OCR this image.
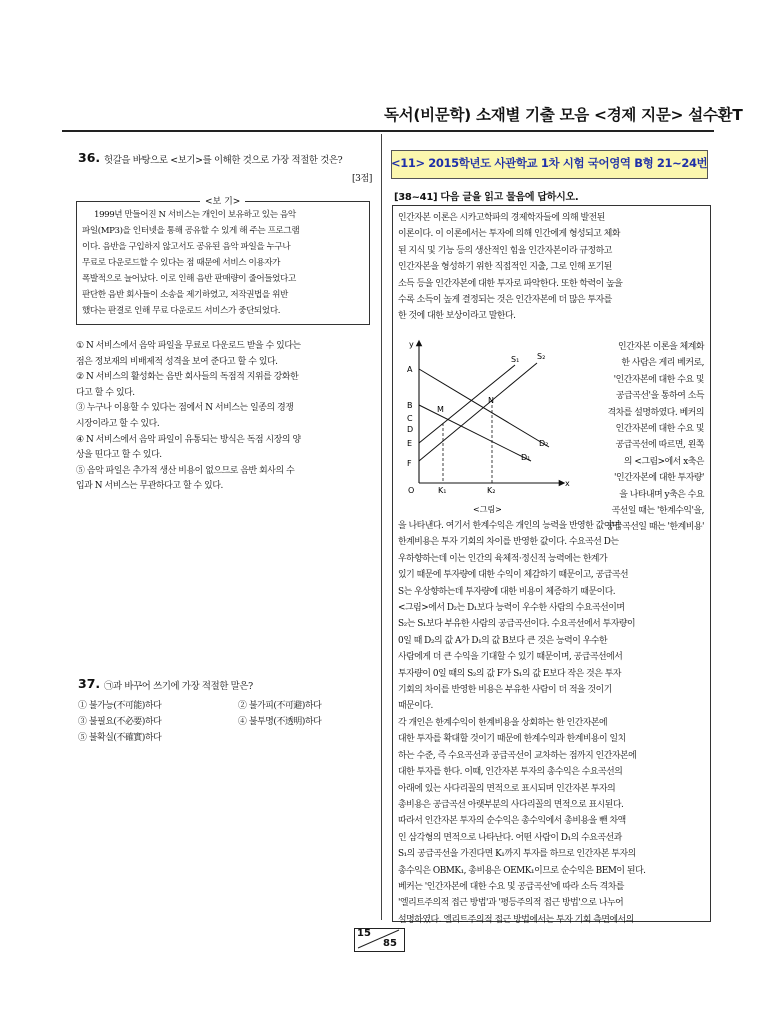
독서(비문학) 소재별 기출 모음 <경제 지문> 설수환T
36. 헛갈을 바탕으로 <보기>를 이해한 것으로 가장 적절한 것은?
[3점]
<보 기>
1999년 만들어진 N 서비스는 개인이 보유하고 있는 음악
파일(MP3)을 인터넷을 통해 공유할 수 있게 해 주는 프로그램
이다. 음반을 구입하지 않고서도 공유된 음악 파일을 누구나
무료로 다운로드할 수 있다는 점 때문에 서비스 이용자가
폭발적으로 늘어났다. 이로 인해 음반 판매량이 줄어들었다고
판단한 음반 회사들이 소송을 제기하였고, 저작권법을 위반
했다는 판결로 인해 무료 다운로드 서비스가 중단되었다.
① N 서비스에서 음악 파일을 무료로 다운로드 받을 수 있다는
점은 정보재의 비배제적 성격을 보여 준다고 할 수 있다.
② N 서비스의 활성화는 음반 회사들의 독점적 지위를 강화한
다고 할 수 있다.
③ 누구나 이용할 수 있다는 점에서 N 서비스는 일종의 경쟁
시장이라고 할 수 있다.
④ N 서비스에서 음악 파일이 유통되는 방식은 독점 시장의 양
상을 띤다고 할 수 있다.
⑤ 음악 파일은 추가적 생산 비용이 없으므로 음반 회사의 수
입과 N 서비스는 무관하다고 할 수 있다.
37. ㉠과 바꾸어 쓰기에 가장 적절한 말은?
① 불가능(不可能)하다	② 불가피(不可避)하다
③ 불필요(不必要)하다	④ 불투명(不透明)하다
⑤ 불확실(不確實)하다
<11> 2015학년도 사관학교 1차 시험 국어영역 B형 21~24번
[38~41] 다음 글을 읽고 물음에 답하시오.
인간자본 이론은 시카고학파의 경제학자들에 의해 발전된
이론이다. 이 이론에서는 투자에 의해 인간에게 형성되고 체화
된 지식 및 기능 등의 생산적인 힘을 인간자본이라 규정하고
인간자본을 형성하기 위한 직접적인 지출, 그로 인해 포기된
소득 등을 인간자본에 대한 투자로 파악한다. 또한 학력이 높을
수록 소득이 높게 결정되는 것은 인간자본에 더 많은 투자를
한 것에 대한 보상이라고 말한다.
y
A
B
C
D
E
F
M
N
S₁ S₂
D₂
D₁
O	K₁	K₂
x
<그림>
인간자본 이론을 체계화
한 사람은 게리 베커로,
'인간자본에 대한 수요 및
공급곡선'을 통하여 소득
격차를 설명하였다. 베커의
인간자본에 대한 수요 및
공급곡선에 따르면, 왼쪽
의 <그림>에서 x축은
'인간자본에 대한 투자량'
을 나타내며 y축은 수요
곡선일 때는 '한계수익'을,
공급곡선일 때는 '한계비용'
을 나타낸다. 여기서 한계수익은 개인의 능력을 반영한 값이며
한계비용은 투자 기회의 차이를 반영한 값이다. 수요곡선 D는
우하향하는데 이는 인간의 육체적·정신적 능력에는 한계가
있기 때문에 투자량에 대한 수익이 체감하기 때문이고, 공급곡선
S는 우상향하는데 투자량에 대한 비용이 체증하기 때문이다.
<그림>에서 D₂는 D₁보다 능력이 우수한 사람의 수요곡선이며
S₂는 S₁보다 부유한 사람의 공급곡선이다. 수요곡선에서 투자량이
0일 때 D₂의 값 A가 D₁의 값 B보다 큰 것은 능력이 우수한
사람에게 더 큰 수익을 기대할 수 있기 때문이며, 공급곡선에서
투자량이 0일 때의 S₂의 값 F가 S₁의 값 E보다 작은 것은 투자
기회의 차이를 반영한 비용은 부유한 사람이 더 적을 것이기
때문이다.
각 개인은 한계수익이 한계비용을 상회하는 한 인간자본에
대한 투자를 확대할 것이기 때문에 한계수익과 한계비용이 일치
하는 수준, 즉 수요곡선과 공급곡선이 교차하는 점까지 인간자본에
대한 투자를 한다. 이때, 인간자본 투자의 총수익은 수요곡선의
아래에 있는 사다리꼴의 면적으로 표시되며 인간자본 투자의
총비용은 공급곡선 아랫부분의 사다리꼴의 면적으로 표시된다.
따라서 인간자본 투자의 순수익은 총수익에서 총비용을 뺀 차액
인 삼각형의 면적으로 나타난다. 어떤 사람이 D₁의 수요곡선과
S₁의 공급곡선을 가진다면 K₁까지 투자를 하므로 인간자본 투자의
총수익은 OBMK₁, 총비용은 OEMK₁이므로 순수익은 BEM이 된다.
베커는 '인간자본에 대한 수요 및 공급곡선'에 따라 소득 격차를
'엘리트주의적 접근 방법'과 '평등주의적 접근 방법'으로 나누어
설명하였다. 엘리트주의적 접근 방법에서는 투자 기회 측면에서의
15
85
